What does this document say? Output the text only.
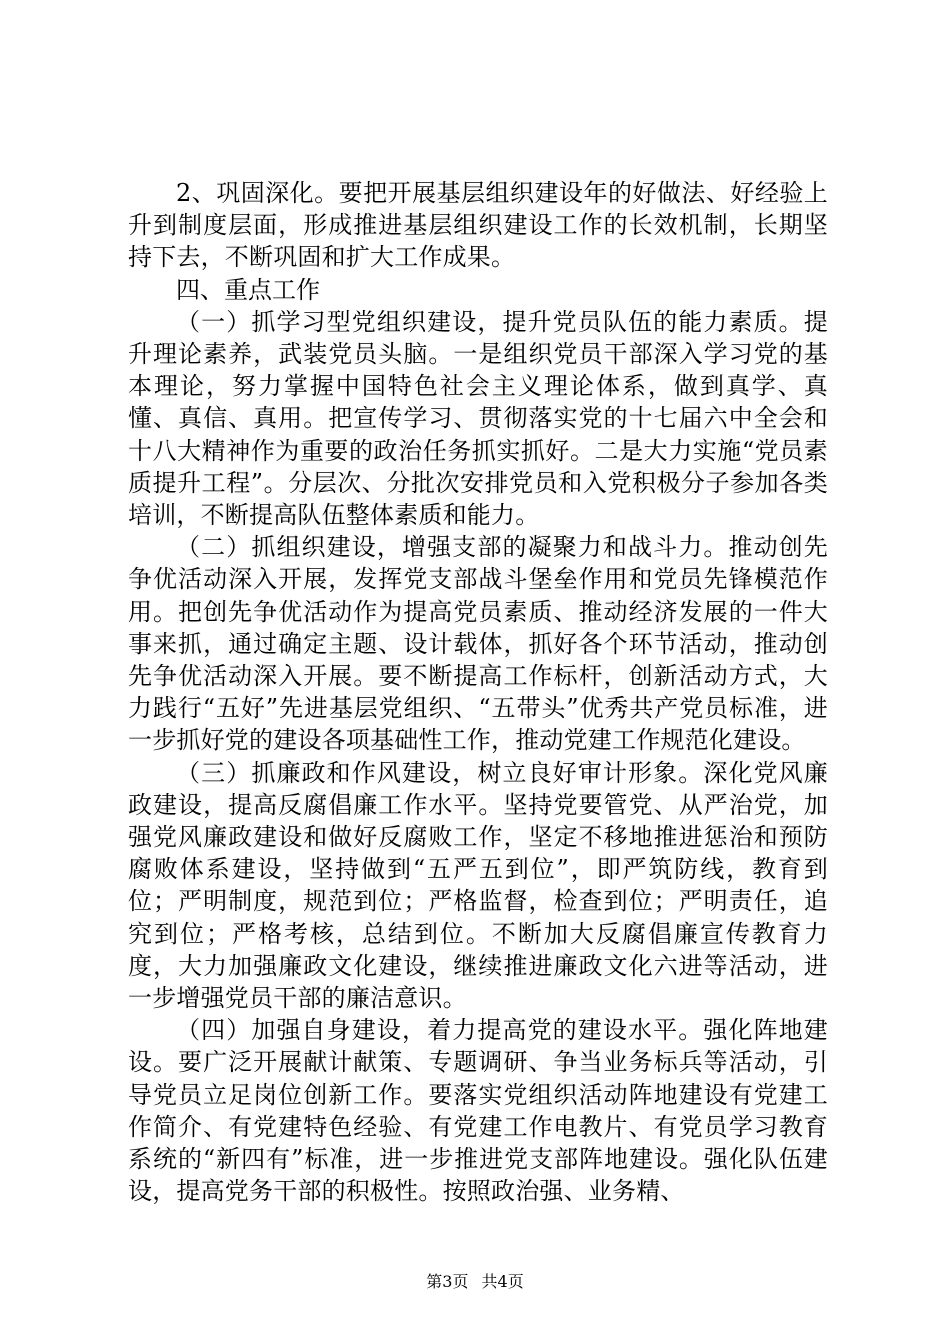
2、巩固深化。要把开展基层组织建设年的好做法、好经验上升到制度层面，形成推进基层组织建设工作的长效机制，长期坚持下去，不断巩固和扩大工作成果。

四、重点工作

（一）抓学习型党组织建设，提升党员队伍的能力素质。提升理论素养，武装党员头脑。一是组织党员干部深入学习党的基本理论，努力掌握中国特色社会主义理论体系，做到真学、真懂、真信、真用。把宣传学习、贯彻落实党的十七届六中全会和十八大精神作为重要的政治任务抓实抓好。二是大力实施“党员素质提升工程”。分层次、分批次安排党员和入党积极分子参加各类培训，不断提高队伍整体素质和能力。

（二）抓组织建设，增强支部的凝聚力和战斗力。推动创先争优活动深入开展，发挥党支部战斗堡垒作用和党员先锋模范作用。把创先争优活动作为提高党员素质、推动经济发展的一件大事来抓，通过确定主题、设计载体，抓好各个环节活动，推动创先争优活动深入开展。要不断提高工作标杆，创新活动方式，大力践行“五好”先进基层党组织、“五带头”优秀共产党员标准，进一步抓好党的建设各项基础性工作，推动党建工作规范化建设。

（三）抓廉政和作风建设，树立良好审计形象。深化党风廉政建设，提高反腐倡廉工作水平。坚持党要管党、从严治党，加强党风廉政建设和做好反腐败工作，坚定不移地推进惩治和预防腐败体系建设，坚持做到“五严五到位”，即严筑防线，教育到位；严明制度，规范到位；严格监督，检查到位；严明责任，追究到位；严格考核，总结到位。不断加大反腐倡廉宣传教育力度，大力加强廉政文化建设，继续推进廉政文化六进等活动，进一步增强党员干部的廉洁意识。

（四）加强自身建设，着力提高党的建设水平。强化阵地建设。要广泛开展献计献策、专题调研、争当业务标兵等活动，引导党员立足岗位创新工作。要落实党组织活动阵地建设有党建工作简介、有党建特色经验、有党建工作电教片、有党员学习教育系统的“新四有”标准，进一步推进党支部阵地建设。强化队伍建设，提高党务干部的积极性。按照政治强、业务精、

第3页 共4页
